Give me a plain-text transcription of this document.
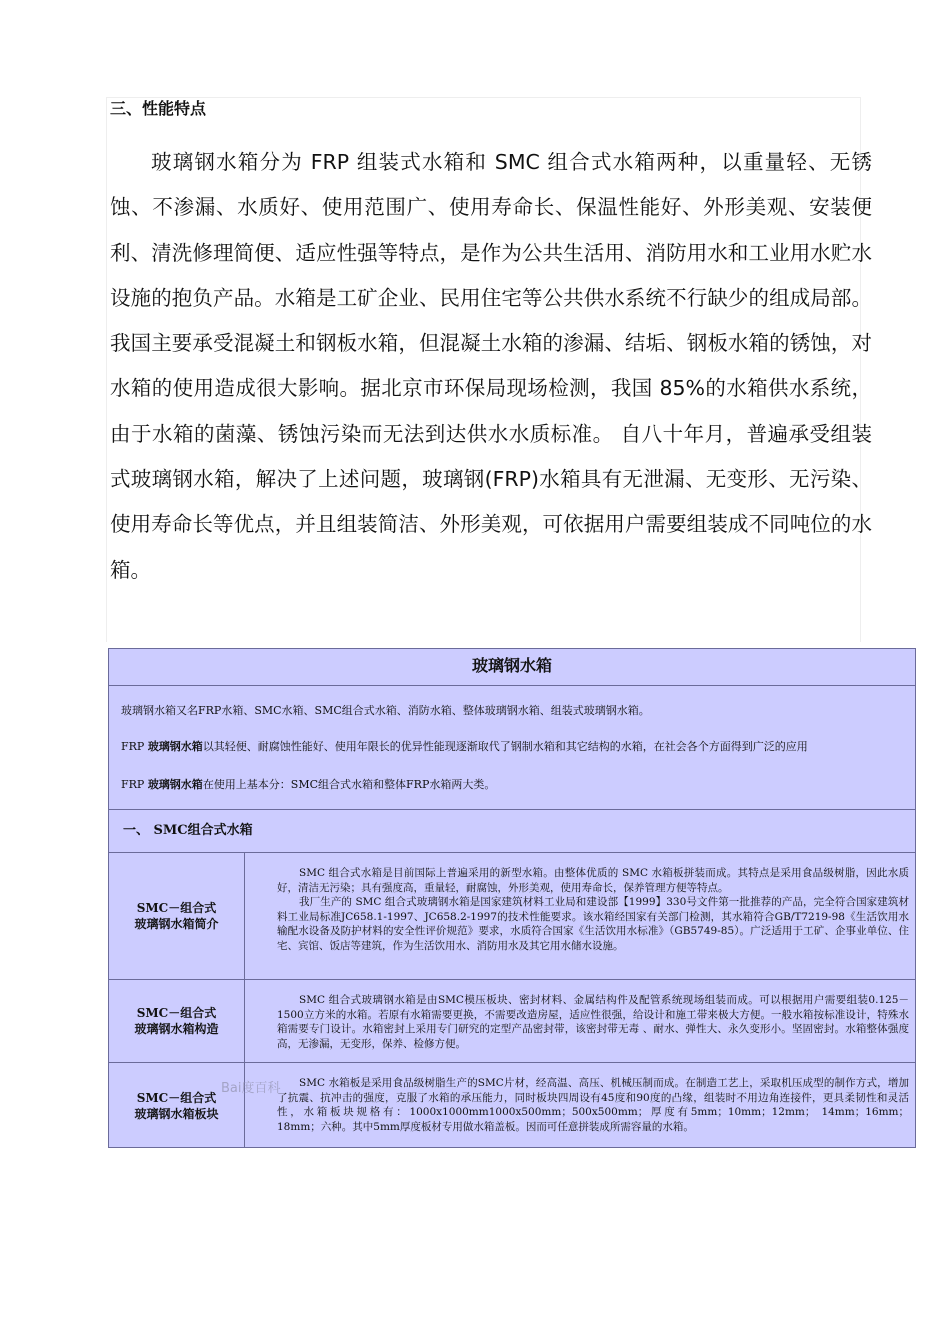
三、性能特点

玻璃钢水箱分为 FRP 组装式水箱和 SMC 组合式水箱两种，以重量轻、无锈蚀、不渗漏、水质好、使用范围广、使用寿命长、保温性能好、外形美观、安装便利、清洗修理简便、适应性强等特点，是作为公共生活用、消防用水和工业用水贮水设施的抱负产品。水箱是工矿企业、民用住宅等公共供水系统不行缺少的组成局部。我国主要承受混凝土和钢板水箱，但混凝土水箱的渗漏、结垢、钢板水箱的锈蚀，对水箱的使用造成很大影响。据北京市环保局现场检测，我国 85%的水箱供水系统，由于水箱的菌藻、锈蚀污染而无法到达供水水质标准。 自八十年月，普遍承受组装式玻璃钢水箱，解决了上述问题，玻璃钢(FRP)水箱具有无泄漏、无变形、无污染、使用寿命长等优点，并且组装简洁、外形美观，可依据用户需要组装成不同吨位的水箱。

玻璃钢水箱
玻璃钢水箱又名FRP水箱、SMC水箱、SMC组合式水箱、消防水箱、整体玻璃钢水箱、组装式玻璃钢水箱。
FRP 玻璃钢水箱以其轻便、耐腐蚀性能好、使用年限长的优异性能现逐渐取代了钢制水箱和其它结构的水箱，在社会各个方面得到广泛的应用
FRP 玻璃钢水箱在使用上基本分：SMC组合式水箱和整体FRP水箱两大类。
一、 SMC组合式水箱
SMC－组合式
玻璃钢水箱简介

SMC 组合式水箱是目前国际上普遍采用的新型水箱。由整体优质的 SMC 水箱板拼装而成。其特点是采用食品级树脂，因此水质好，清洁无污染；具有强度高，重量轻，耐腐蚀，外形美观，使用寿命长，保养管理方便等特点。

我厂生产的 SMC 组合式玻璃钢水箱是国家建筑材料工业局和建设部【1999】330号文件第一批推荐的产品，完全符合国家建筑材料工业局标准JC658.1-1997、JC658.2-1997的技术性能要求。该水箱经国家有关部门检测，其水箱符合GB/T7219-98《生活饮用水输配水设备及防护材料的安全性评价规范》要求，水质符合国家《生活饮用水标准》（GB5749-85）。广泛适用于工矿、企事业单位、住宅、宾馆、饭店等建筑，作为生活饮用水、消防用水及其它用水储水设施。

SMC－组合式
玻璃钢水箱构造

SMC 组合式玻璃钢水箱是由SMC模压板块、密封材料、金属结构件及配管系统现场组装而成。可以根据用户需要组装0.125－1500立方米的水箱。若原有水箱需要更换，不需要改造房屋，适应性很强，给设计和施工带来极大方便。一般水箱按标准设计，特殊水箱需要专门设计。水箱密封上采用专门研究的定型产品密封带，该密封带无毒 、耐水、弹性大、永久变形小。坚固密封。水箱整体强度高，无渗漏，无变形，保养、检修方便。

SMC－组合式
玻璃钢水箱板块

SMC 水箱板是采用食品级树脂生产的SMC片材，经高温、高压、机械压制而成。在制造工艺上，采取机压成型的制作方式，增加了抗震、抗冲击的强度，克服了水箱的承压能力，同时板块四周设有45度和90度的凸缘，组装时不用边角连接件，更具柔韧性和灵活性，水箱板块规格有：1000x1000mm1000x500mm；500x500mm；厚度有5mm；10mm；12mm； 14mm；16mm；18mm；六种。其中5mm厚度板材专用做水箱盖板。因而可任意拼装成所需容量的水箱。

Bai度百科
